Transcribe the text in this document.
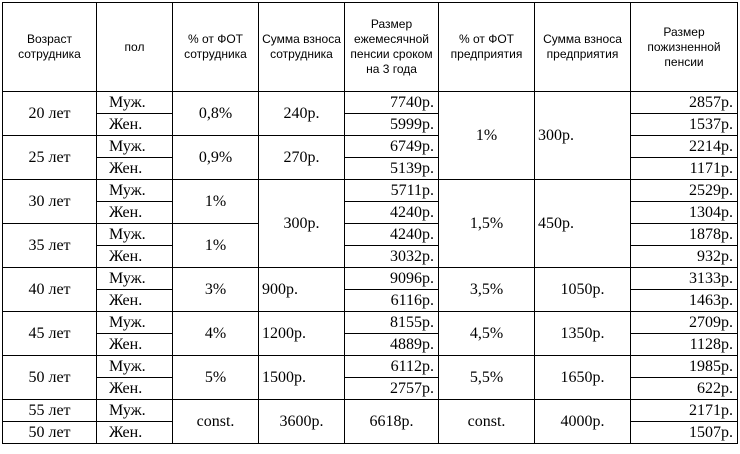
Возраст сотрудника	пол	% от ФОТ сотрудника	Сумма взноса сотрудника	Размер ежемесячной пенсии сроком на 3 года	% от ФОТ предприятия	Сумма взноса предприятия	Размер пожизненной пенсии
20 лет	Муж.	0,8%	240р.	7740р.	1%	300р.	2857р.
	Жен.			5999р.			1537р.
25 лет	Муж.	0,9%	270р.	6749р.			2214р.
	Жен.			5139р.			1171р.
30 лет	Муж.	1%	300р.	5711р.	1,5%	450р.	2529р.
	Жен.			4240р.			1304р.
35 лет	Муж.	1%		4240р.			1878р.
	Жен.			3032р.			932р.
40 лет	Муж.	3%	900р.	9096р.	3,5%	1050р.	3133р.
	Жен.			6116р.			1463р.
45 лет	Муж.	4%	1200р.	8155р.	4,5%	1350р.	2709р.
	Жен.			4889р.			1128р.
50 лет	Муж.	5%	1500р.	6112р.	5,5%	1650р.	1985р.
	Жен.			2757р.			622р.
55 лет	Муж.	const.	3600р.	6618р.	const.	4000р.	2171р.
50 лет	Жен.						1507р.
